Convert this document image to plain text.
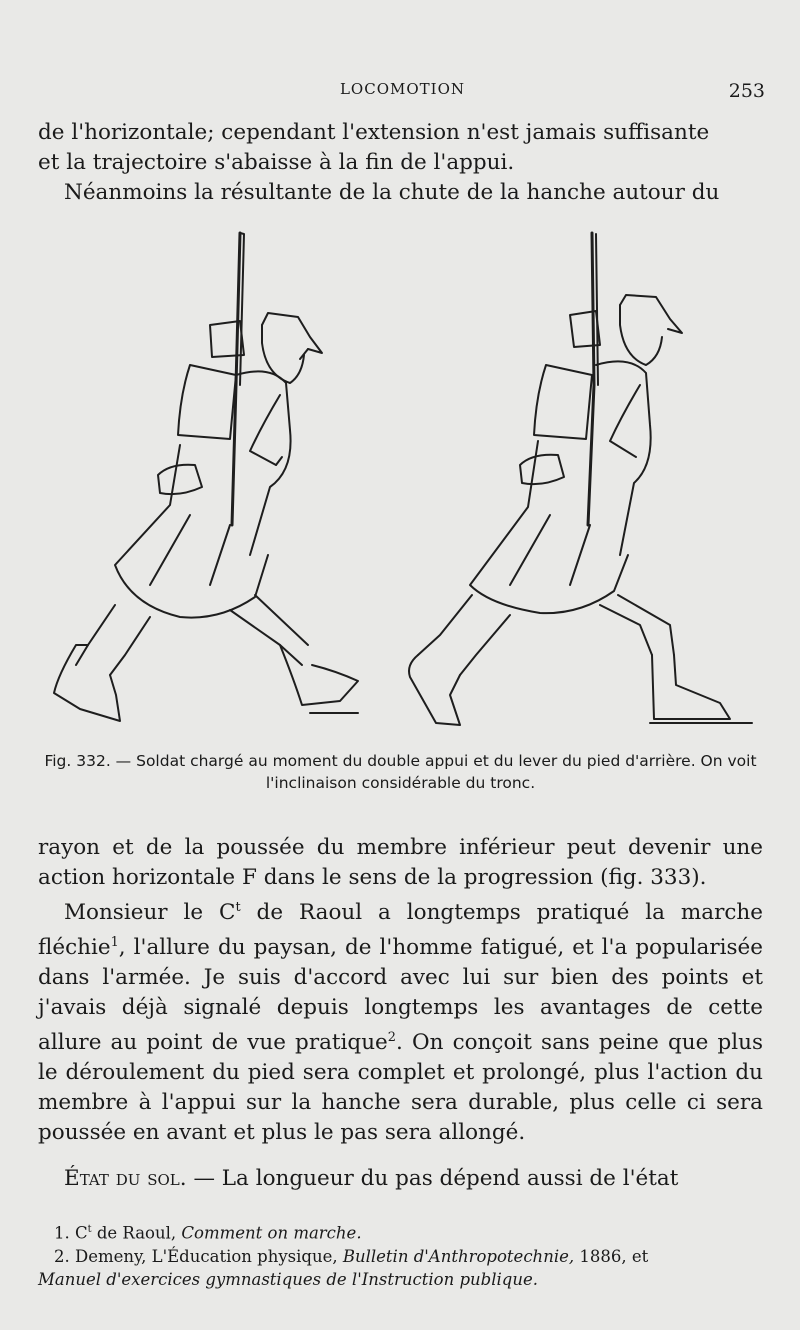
LOCOMOTION	253

de l'horizontale; cependant l'extension n'est jamais suffisante

et la trajectoire s'abaisse à la fin de l'appui.

Néanmoins la résultante de la chute de la hanche autour du

Fig. 332. — Soldat chargé au moment du double appui et du lever du pied d'arrière. On voit l'inclinaison considérable du tronc.

rayon et de la poussée du membre inférieur peut devenir une action horizontale F dans le sens de la progression (fig. 333).

Monsieur le $C^t$ de Raoul a longtemps pratiqué la marche fléchie$^1$, l'allure du paysan, de l'homme fatigué, et l'a popularisée dans l'armée. Je suis d'accord avec lui sur bien des points et j'avais déjà signalé depuis longtemps les avantages de cette allure au point de vue pratique$^2$. On conçoit sans peine que plus le déroulement du pied sera complet et prolongé, plus l'action du membre à l'appui sur la hanche sera durable, plus celle ci sera poussée en avant et plus le pas sera allongé.

État du sol. — La longueur du pas dépend aussi de l'état

1. $C^t$ de Raoul, Comment on marche.

2. Demeny, L'Éducation physique, Bulletin d'Anthropotechnie, 1886, et

Manuel d'exercices gymnastiques de l'Instruction publique.
